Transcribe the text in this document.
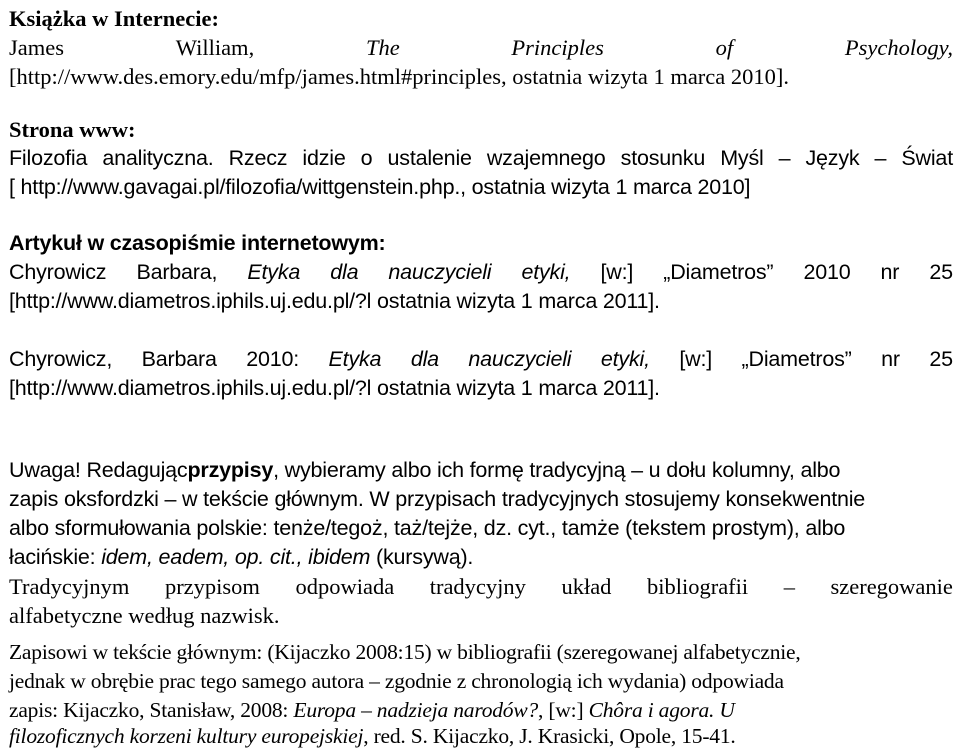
Książka w Internecie:
James	William,	The	Principles	of	Psychology,
[http://www.des.emory.edu/mfp/james.html#principles, ostatnia wizyta 1 marca 2010].
Strona www:
Filozofia analityczna. Rzecz idzie o ustalenie wzajemnego stosunku Myśl – Język – Świat
[ http://www.gavagai.pl/filozofia/wittgenstein.php., ostatnia wizyta 1 marca 2010]
Artykuł w czasopiśmie internetowym:
Chyrowicz Barbara, Etyka dla nauczycieli etyki, [w:] „Diametros” 2010 nr 25
[http://www.diametros.iphils.uj.edu.pl/?l ostatnia wizyta 1 marca 2011].
Chyrowicz, Barbara 2010: Etyka dla nauczycieli etyki, [w:] „Diametros” nr 25
[http://www.diametros.iphils.uj.edu.pl/?l ostatnia wizyta 1 marca 2011].
Uwaga! Redagującprzypisy, wybieramy albo ich formę tradycyjną – u dołu kolumny, albo
zapis oksfordzki – w tekście głównym. W przypisach tradycyjnych stosujemy konsekwentnie
albo sformułowania polskie: tenże/tegoż, taż/tejże, dz. cyt., tamże (tekstem prostym), albo
łacińskie: idem, eadem, op. cit., ibidem (kursywą).
Tradycyjnym przypisom odpowiada tradycyjny układ bibliografii – szeregowanie
alfabetyczne według nazwisk.
Zapisowi w tekście głównym: (Kijaczko 2008:15) w bibliografii (szeregowanej alfabetycznie,
jednak w obrębie prac tego samego autora – zgodnie z chronologią ich wydania) odpowiada
zapis: Kijaczko, Stanisław, 2008: Europa – nadzieja narodów?, [w:] Chôra i agora. U
filozoficznych korzeni kultury europejskiej, red. S. Kijaczko, J. Krasicki, Opole, 15-41.
